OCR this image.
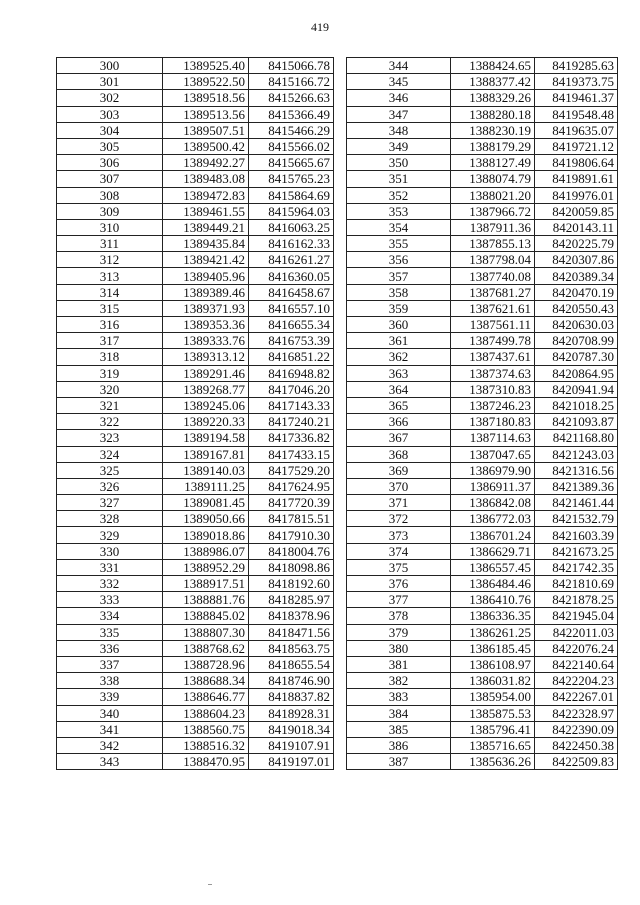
419
300	1389525.40	8415066.78
301	1389522.50	8415166.72
302	1389518.56	8415266.63
303	1389513.56	8415366.49
304	1389507.51	8415466.29
305	1389500.42	8415566.02
306	1389492.27	8415665.67
307	1389483.08	8415765.23
308	1389472.83	8415864.69
309	1389461.55	8415964.03
310	1389449.21	8416063.25
311	1389435.84	8416162.33
312	1389421.42	8416261.27
313	1389405.96	8416360.05
314	1389389.46	8416458.67
315	1389371.93	8416557.10
316	1389353.36	8416655.34
317	1389333.76	8416753.39
318	1389313.12	8416851.22
319	1389291.46	8416948.82
320	1389268.77	8417046.20
321	1389245.06	8417143.33
322	1389220.33	8417240.21
323	1389194.58	8417336.82
324	1389167.81	8417433.15
325	1389140.03	8417529.20
326	1389111.25	8417624.95
327	1389081.45	8417720.39
328	1389050.66	8417815.51
329	1389018.86	8417910.30
330	1388986.07	8418004.76
331	1388952.29	8418098.86
332	1388917.51	8418192.60
333	1388881.76	8418285.97
334	1388845.02	8418378.96
335	1388807.30	8418471.56
336	1388768.62	8418563.75
337	1388728.96	8418655.54
338	1388688.34	8418746.90
339	1388646.77	8418837.82
340	1388604.23	8418928.31
341	1388560.75	8419018.34
342	1388516.32	8419107.91
343	1388470.95	8419197.01
344	1388424.65	8419285.63
345	1388377.42	8419373.75
346	1388329.26	8419461.37
347	1388280.18	8419548.48
348	1388230.19	8419635.07
349	1388179.29	8419721.12
350	1388127.49	8419806.64
351	1388074.79	8419891.61
352	1388021.20	8419976.01
353	1387966.72	8420059.85
354	1387911.36	8420143.11
355	1387855.13	8420225.79
356	1387798.04	8420307.86
357	1387740.08	8420389.34
358	1387681.27	8420470.19
359	1387621.61	8420550.43
360	1387561.11	8420630.03
361	1387499.78	8420708.99
362	1387437.61	8420787.30
363	1387374.63	8420864.95
364	1387310.83	8420941.94
365	1387246.23	8421018.25
366	1387180.83	8421093.87
367	1387114.63	8421168.80
368	1387047.65	8421243.03
369	1386979.90	8421316.56
370	1386911.37	8421389.36
371	1386842.08	8421461.44
372	1386772.03	8421532.79
373	1386701.24	8421603.39
374	1386629.71	8421673.25
375	1386557.45	8421742.35
376	1386484.46	8421810.69
377	1386410.76	8421878.25
378	1386336.35	8421945.04
379	1386261.25	8422011.03
380	1386185.45	8422076.24
381	1386108.97	8422140.64
382	1386031.82	8422204.23
383	1385954.00	8422267.01
384	1385875.53	8422328.97
385	1385796.41	8422390.09
386	1385716.65	8422450.38
387	1385636.26	8422509.83
